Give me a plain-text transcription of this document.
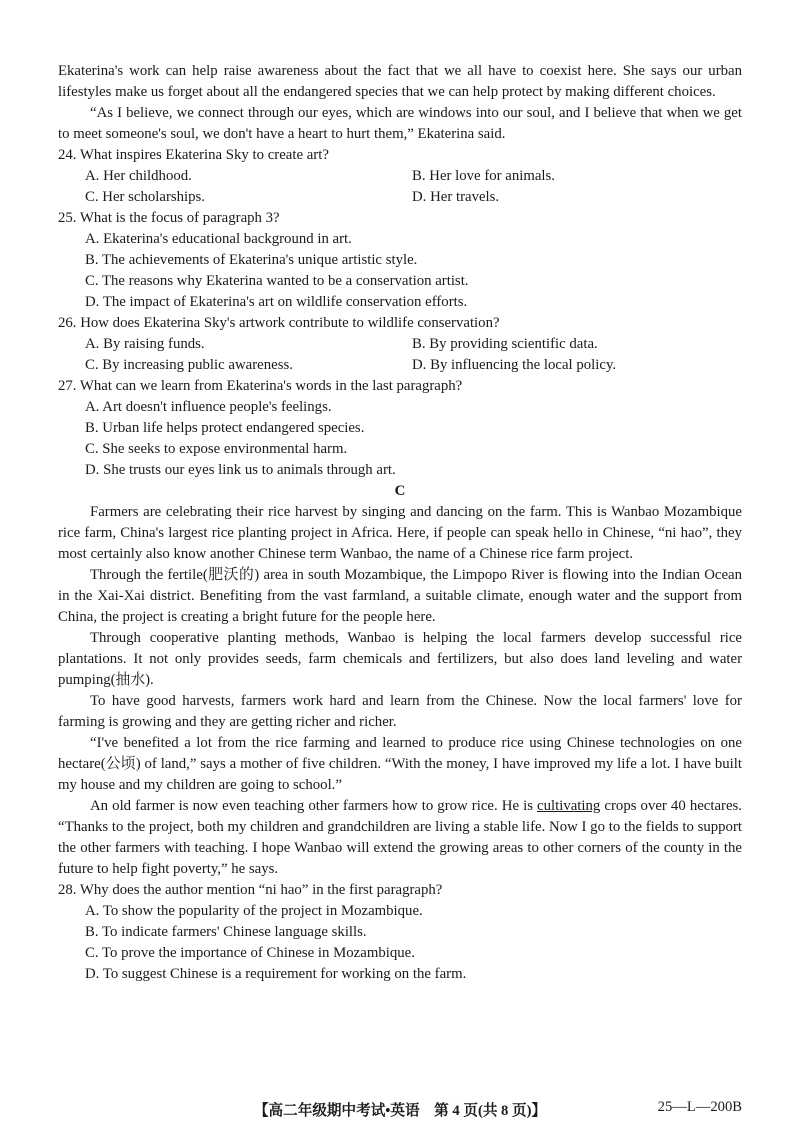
Ekaterina's work can help raise awareness about the fact that we all have to coexist here. She says our urban lifestyles make us forget about all the endangered species that we can help protect by making different choices.

“As I believe, we connect through our eyes, which are windows into our soul, and I believe that when we get to meet someone's soul, we don't have a heart to hurt them,” Ekaterina said.

24. What inspires Ekaterina Sky to create art?

A. Her childhood.	B. Her love for animals.
C. Her scholarships.	D. Her travels.

25. What is the focus of paragraph 3?

A. Ekaterina's educational background in art.
B. The achievements of Ekaterina's unique artistic style.
C. The reasons why Ekaterina wanted to be a conservation artist.
D. The impact of Ekaterina's art on wildlife conservation efforts.

26. How does Ekaterina Sky's artwork contribute to wildlife conservation?

A. By raising funds.	B. By providing scientific data.
C. By increasing public awareness.	D. By influencing the local policy.

27. What can we learn from Ekaterina's words in the last paragraph?

A. Art doesn't influence people's feelings.
B. Urban life helps protect endangered species.
C. She seeks to expose environmental harm.
D. She trusts our eyes link us to animals through art.

C

Farmers are celebrating their rice harvest by singing and dancing on the farm. This is Wanbao Mozambique rice farm, China's largest rice planting project in Africa. Here, if people can speak hello in Chinese, “ni hao”, they most certainly also know another Chinese term Wanbao, the name of a Chinese rice farm project.

Through the fertile(肥沃的) area in south Mozambique, the Limpopo River is flowing into the Indian Ocean in the Xai-Xai district. Benefiting from the vast farmland, a suitable climate, enough water and the support from China, the project is creating a bright future for the people here.

Through cooperative planting methods, Wanbao is helping the local farmers develop successful rice plantations. It not only provides seeds, farm chemicals and fertilizers, but also does land leveling and water pumping(抽水).

To have good harvests, farmers work hard and learn from the Chinese. Now the local farmers' love for farming is growing and they are getting richer and richer.

“I've benefited a lot from the rice farming and learned to produce rice using Chinese technologies on one hectare(公顷) of land,” says a mother of five children. “With the money, I have improved my life a lot. I have built my house and my children are going to school.”

An old farmer is now even teaching other farmers how to grow rice. He is cultivating crops over 40 hectares. “Thanks to the project, both my children and grandchildren are living a stable life. Now I go to the fields to support the other farmers with teaching. I hope Wanbao will extend the growing areas to other corners of the county in the future to help fight poverty,” he says.

28. Why does the author mention “ni hao” in the first paragraph?

A. To show the popularity of the project in Mozambique.
B. To indicate farmers' Chinese language skills.
C. To prove the importance of Chinese in Mozambique.
D. To suggest Chinese is a requirement for working on the farm.
【高二年级期中考试•英语　第 4 页(共 8 页)】	25—L—200B
